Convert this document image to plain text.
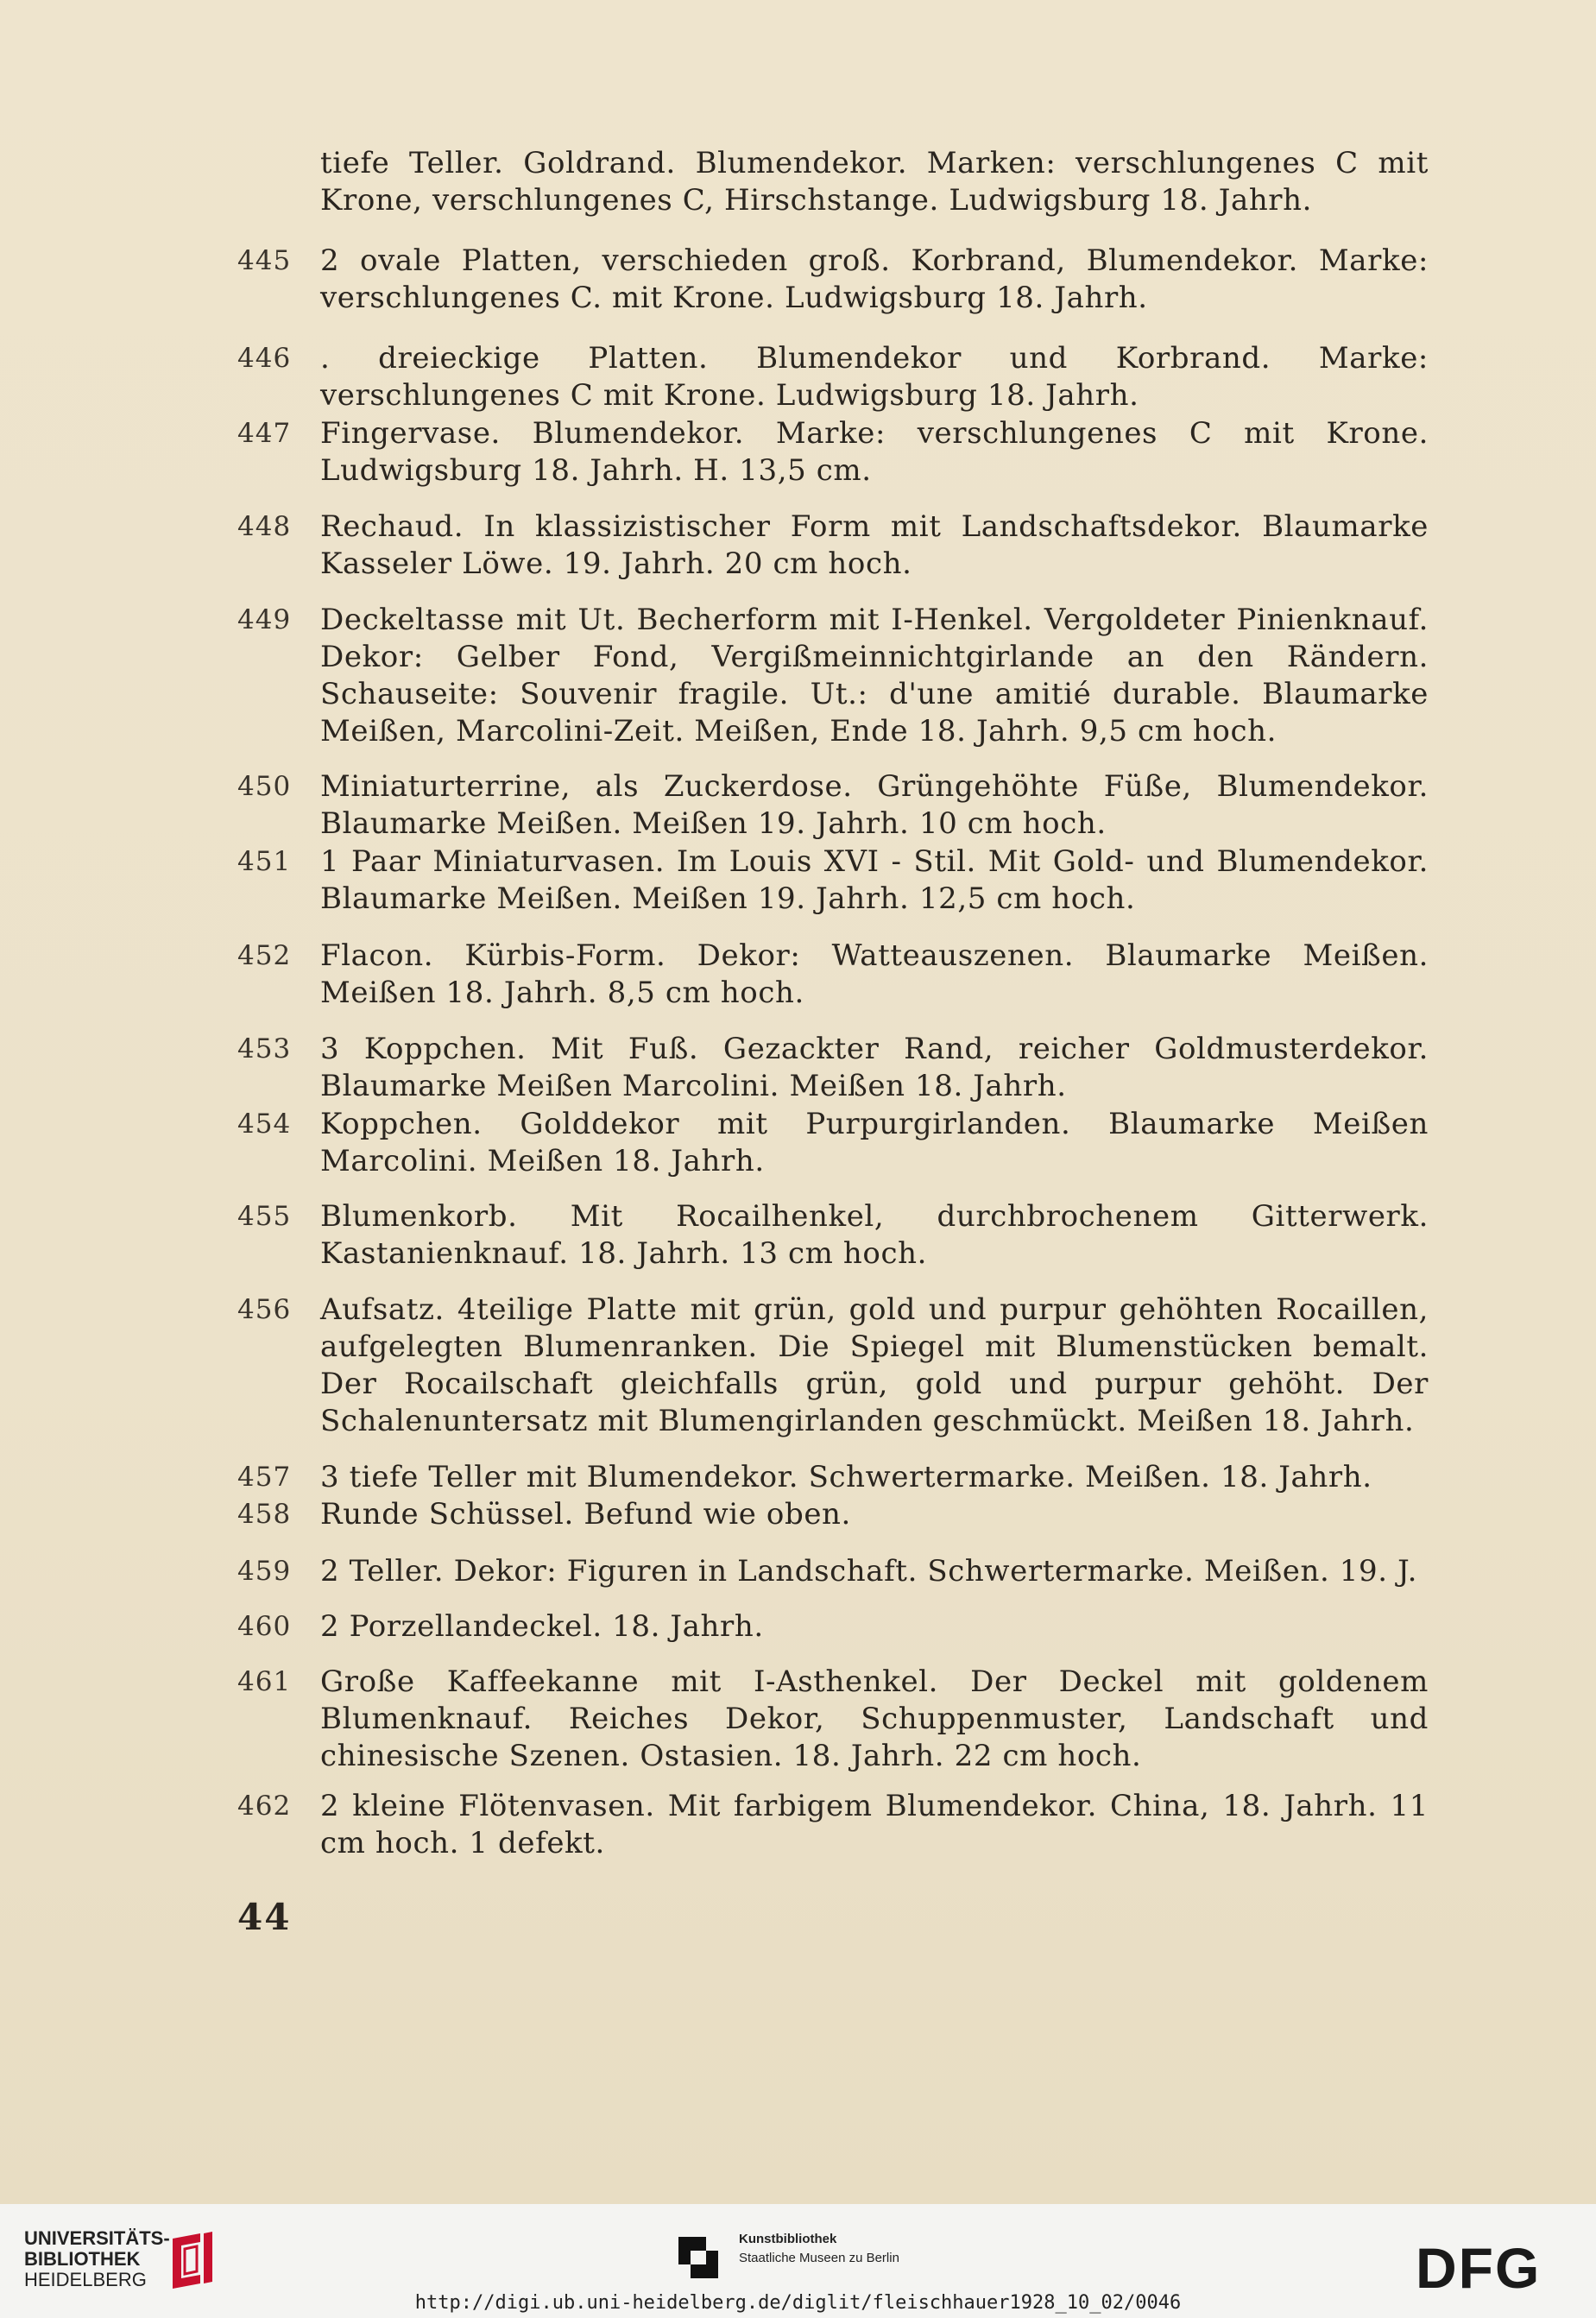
tiefe Teller. Goldrand. Blumendekor. Marken: verschlungenes C mit Krone, verschlungenes C, Hirschstange. Ludwigsburg 18. Jahrh.
445 2 ovale Platten, verschieden groß. Korbrand, Blumendekor. Marke: verschlungenes C. mit Krone. Ludwigsburg 18. Jahrh.
446 . dreieckige Platten. Blumendekor und Korbrand. Marke: verschlungenes C mit Krone. Ludwigsburg 18. Jahrh.
447 Fingervase. Blumendekor. Marke: verschlungenes C mit Krone. Ludwigsburg 18. Jahrh. H. 13,5 cm.
448 Rechaud. In klassizistischer Form mit Landschaftsdekor. Blaumarke Kasseler Löwe. 19. Jahrh. 20 cm hoch.
449 Deckeltasse mit Ut. Becherform mit I-Henkel. Vergoldeter Pinienknauf. Dekor: Gelber Fond, Vergißmeinnichtgirlande an den Rändern. Schauseite: Souvenir fragile. Ut.: d'une amitié durable. Blaumarke Meißen, Marcolini-Zeit. Meißen, Ende 18. Jahrh. 9,5 cm hoch.
450 Miniaturterrine, als Zuckerdose. Grüngehöhte Füße, Blumendekor. Blaumarke Meißen. Meißen 19. Jahrh. 10 cm hoch.
451 1 Paar Miniaturvasen. Im Louis XVI - Stil. Mit Gold- und Blumendekor. Blaumarke Meißen. Meißen 19. Jahrh. 12,5 cm hoch.
452 Flacon. Kürbis-Form. Dekor: Watteauszenen. Blaumarke Meißen. Meißen 18. Jahrh. 8,5 cm hoch.
453 3 Koppchen. Mit Fuß. Gezackter Rand, reicher Goldmusterdekor. Blaumarke Meißen Marcolini. Meißen 18. Jahrh.
454 Koppchen. Golddekor mit Purpurgirlanden. Blaumarke Meißen Marcolini. Meißen 18. Jahrh.
455 Blumenkorb. Mit Rocailhenkel, durchbrochenem Gitterwerk. Kastanienknauf. 18. Jahrh. 13 cm hoch.
456 Aufsatz. 4teilige Platte mit grün, gold und purpur gehöhten Rocaillen, aufgelegten Blumenranken. Die Spiegel mit Blumenstücken bemalt. Der Rocailschaft gleichfalls grün, gold und purpur gehöht. Der Schalenuntersatz mit Blumengirlanden geschmückt. Meißen 18. Jahrh.
457 3 tiefe Teller mit Blumendekor. Schwertermarke. Meißen. 18. Jahrh.
458 Runde Schüssel. Befund wie oben.
459 2 Teller. Dekor: Figuren in Landschaft. Schwertermarke. Meißen. 19. J.
460 2 Porzellandeckel. 18. Jahrh.
461 Große Kaffeekanne mit I-Asthenkel. Der Deckel mit goldenem Blumenknauf. Reiches Dekor, Schuppenmuster, Landschaft und chinesische Szenen. Ostasien. 18. Jahrh. 22 cm hoch.
462 2 kleine Flötenvasen. Mit farbigem Blumendekor. China, 18. Jahrh. 11 cm hoch. 1 defekt.
44
UNIVERSITÄTS-
BIBLIOTHEK
HEIDELBERG
Kunstbibliothek
Staatliche Museen zu Berlin	DFG
http://digi.ub.uni-heidelberg.de/diglit/fleischhauer1928_10_02/0046
